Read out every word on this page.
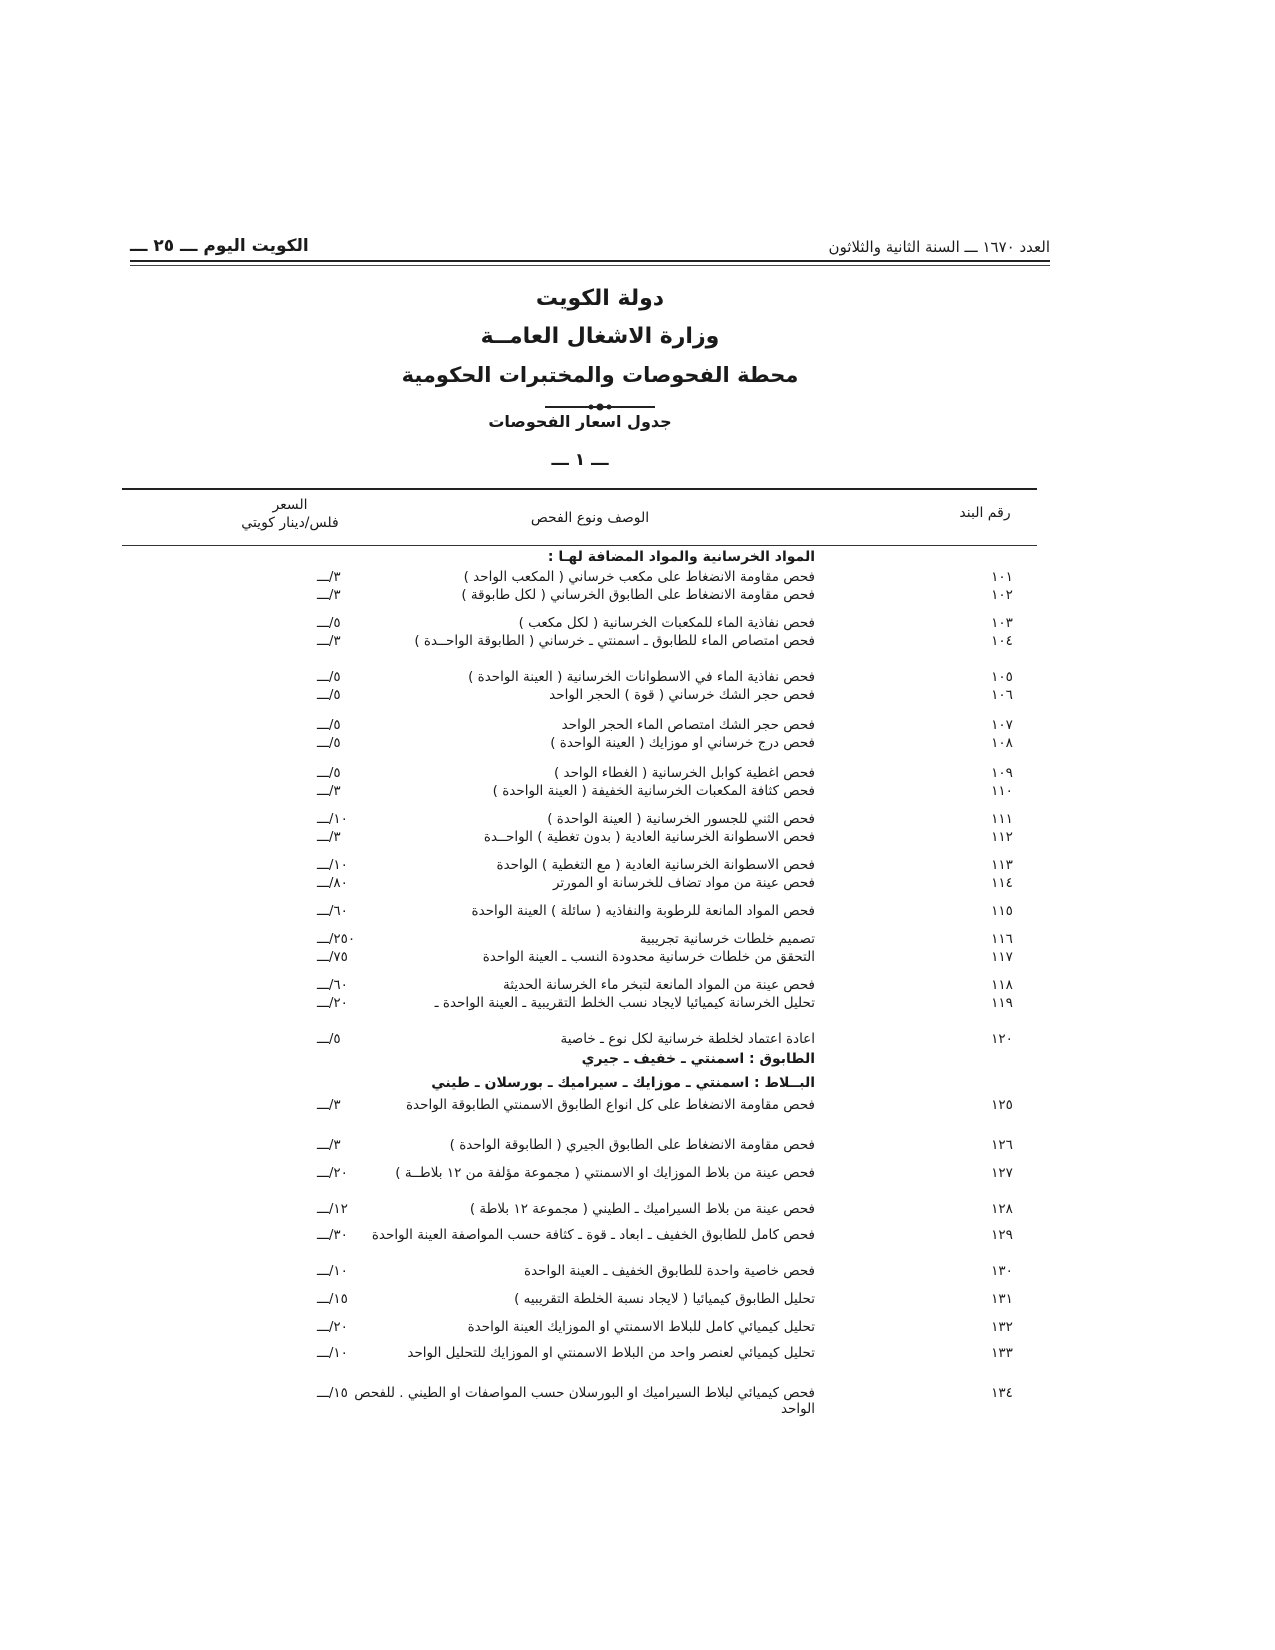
الكويت اليوم ـــ ٢٥ ـــ	العدد ١٦٧٠ ـــ السنة الثانية والثلاثون
دولة الكويت
وزارة الاشغال العامــة
محطة الفحوصات والمختبرات الحكومية
جدول اسعار الفحوصات
ـــ ١ ـــ
رقم البند
الوصف ونوع الفحص
السعر
فلس/دينار كويتي
المواد الخرسانية والمواد المضافة لهـا :
١٠١
فحص مقاومة الانضغاط على مكعب خرساني ( المكعب الواحد )
٣/ـــ
١٠٢
فحص مقاومة الانضغاط على الطابوق الخرساني ( لكل طابوقة )
٣/ـــ
١٠٣
فحص نفاذية الماء للمكعبات الخرسانية ( لكل مكعب )
٥/ـــ
١٠٤
فحص امتصاص الماء للطابوق ـ اسمنتي ـ خرساني ( الطابوقة الواحــدة )
٣/ـــ
١٠٥
فحص نفاذية الماء في الاسطوانات الخرسانية ( العينة الواحدة )
٥/ـــ
١٠٦
فحص حجر الشك خرساني ( قوة ) الحجر الواحد
٥/ـــ
١٠٧
فحص حجر الشك امتصاص الماء الحجر الواحد
٥/ـــ
١٠٨
فحص درج خرساني او موزايك ( العينة الواحدة )
٥/ـــ
١٠٩
فحص اغطية كوابل الخرسانية ( الغطاء الواحد )
٥/ـــ
١١٠
فحص كثافة المكعبات الخرسانية الخفيفة ( العينة الواحدة )
٣/ـــ
١١١
فحص الثني للجسور الخرسانية ( العينة الواحدة )
١٠/ـــ
١١٢
فحص الاسطوانة الخرسانية العادية ( بدون تغطية ) الواحــدة
٣/ـــ
١١٣
فحص الاسطوانة الخرسانية العادية ( مع التغطية ) الواحدة
١٠/ـــ
١١٤
فحص عينة من مواد تضاف للخرسانة او المورتر
٨٠/ـــ
١١٥
فحص المواد المانعة للرطوبة والنفاذيه ( سائلة ) العينة الواحدة
٦٠/ـــ
١١٦
تصميم خلطات خرسانية تجريبية
٢٥٠/ـــ
١١٧
التحقق من خلطات خرسانية محدودة النسب ـ العينة الواحدة
٧٥/ـــ
١١٨
فحص عينة من المواد المانعة لتبخر ماء الخرسانة الحديثة
٦٠/ـــ
١١٩
تحليل الخرسانة كيميائيا لايجاد نسب الخلط التقريبية ـ العينة الواحدة ـ
٢٠/ـــ
١٢٠
اعادة اعتماد لخلطة خرسانية لكل نوع ـ خاصية
٥/ـــ
الطابوق : اسمنتي ـ خفيف ـ جيري
البــلاط : اسمنتي ـ موزايك ـ سيراميك ـ بورسلان ـ طيني
١٢٥
فحص مقاومة الانضغاط على كل انواع الطابوق الاسمنتي الطابوقة الواحدة
٣/ـــ
١٢٦
فحص مقاومة الانضغاط على الطابوق الجيري ( الطابوقة الواحدة )
٣/ـــ
١٢٧
فحص عينة من بلاط الموزايك او الاسمنتي ( مجموعة مؤلفة من ١٢ بلاطــة )
٢٠/ـــ
١٢٨
فحص عينة من بلاط السيراميك ـ الطيني ( مجموعة ١٢ بلاطة )
١٢/ـــ
١٢٩
فحص كامل للطابوق الخفيف ـ ابعاد ـ قوة ـ كثافة حسب المواصفة العينة الواحدة
٣٠/ـــ
١٣٠
فحص خاصية واحدة للطابوق الخفيف ـ العينة الواحدة
١٠/ـــ
١٣١
تحليل الطابوق كيميائيا ( لايجاد نسبة الخلطة التقريبيه )
١٥/ـــ
١٣٢
تحليل كيميائي كامل للبلاط الاسمنتي او الموزايك العينة الواحدة
٢٠/ـــ
١٣٣
تحليل كيميائي لعنصر واحد من البلاط الاسمنتي او الموزايك للتحليل الواحد
١٠/ـــ
١٣٤
فحص كيميائي لبلاط السيراميك او البورسلان حسب المواصفات او الطيني . للفحص الواحد
١٥/ـــ
